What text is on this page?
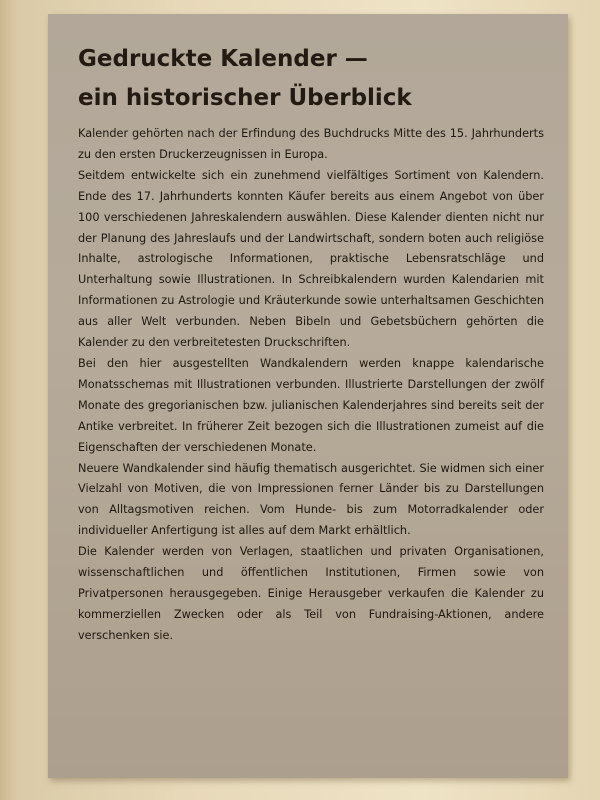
Gedruckte Kalender —
ein historischer Überblick

Kalender gehörten nach der Erfindung des Buchdrucks Mitte des 15. Jahrhunderts zu den ersten Druckerzeugnissen in Europa.

Seitdem entwickelte sich ein zunehmend vielfältiges Sortiment von Kalendern. Ende des 17. Jahrhunderts konnten Käufer bereits aus einem Angebot von über 100 verschiedenen Jahreskalendern auswählen. Diese Kalender dienten nicht nur der Planung des Jahreslaufs und der Landwirtschaft, sondern boten auch religiöse Inhalte, astrologische Informationen, praktische Lebensratschläge und Unterhaltung sowie Illustrationen. In Schreibkalendern wurden Kalendarien mit Informationen zu Astrologie und Kräuterkunde sowie unterhaltsamen Geschichten aus aller Welt verbunden. Neben Bibeln und Gebetsbüchern gehörten die Kalender zu den verbreitetesten Druckschriften.

Bei den hier ausgestellten Wandkalendern werden knappe kalendarische Monatsschemas mit Illustrationen verbunden. Illustrierte Darstellungen der zwölf Monate des gregorianischen bzw. julianischen Kalenderjahres sind bereits seit der Antike verbreitet. In früherer Zeit bezogen sich die Illustrationen zumeist auf die Eigenschaften der verschiedenen Monate.

Neuere Wandkalender sind häufig thematisch ausgerichtet. Sie widmen sich einer Vielzahl von Motiven, die von Impressionen ferner Länder bis zu Darstellungen von Alltagsmotiven reichen. Vom Hunde- bis zum Motorradkalender oder individueller Anfertigung ist alles auf dem Markt erhältlich.

Die Kalender werden von Verlagen, staatlichen und privaten Organisationen, wissenschaftlichen und öffentlichen Institutionen, Firmen sowie von Privatpersonen herausgegeben. Einige Herausgeber verkaufen die Kalender zu kommerziellen Zwecken oder als Teil von Fundraising-Aktionen, andere verschenken sie.
